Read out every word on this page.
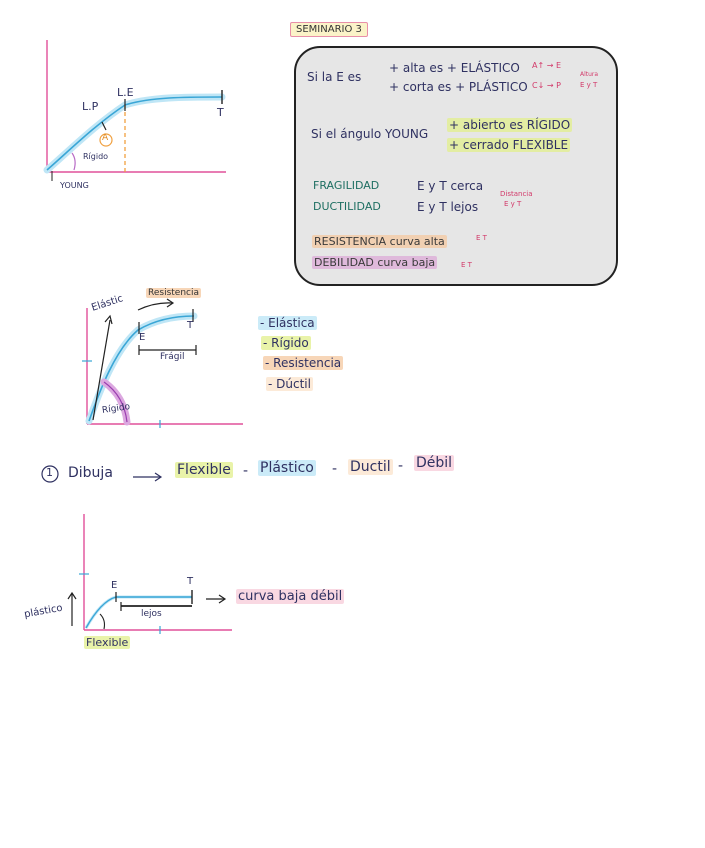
SEMINARIO 3
L.P
L.E
T
A
Rígido
YOUNG
Si la E es
+ alta es + ELÁSTICO
+ corta es + PLÁSTICO
A↑ → E
C↓ → P
Altura
E y T
Si el ángulo YOUNG
+ abierto es RÍGIDO
+ cerrado FLEXIBLE
FRAGILIDAD	E y T cerca
DUCTILIDAD	E y T lejos
Distancia
E y T
RESISTENCIA curva alta
DEBILIDAD curva baja
E T
E T
Elástic
Resistencia
E
T
Frágil
Rígido
- Elástica
- Rígido
- Resistencia
- Dúctil
1 Dibuja	Flexible - Plástico - Ductil - Débil
E	T
lejos
plástico
Flexible
curva baja débil
